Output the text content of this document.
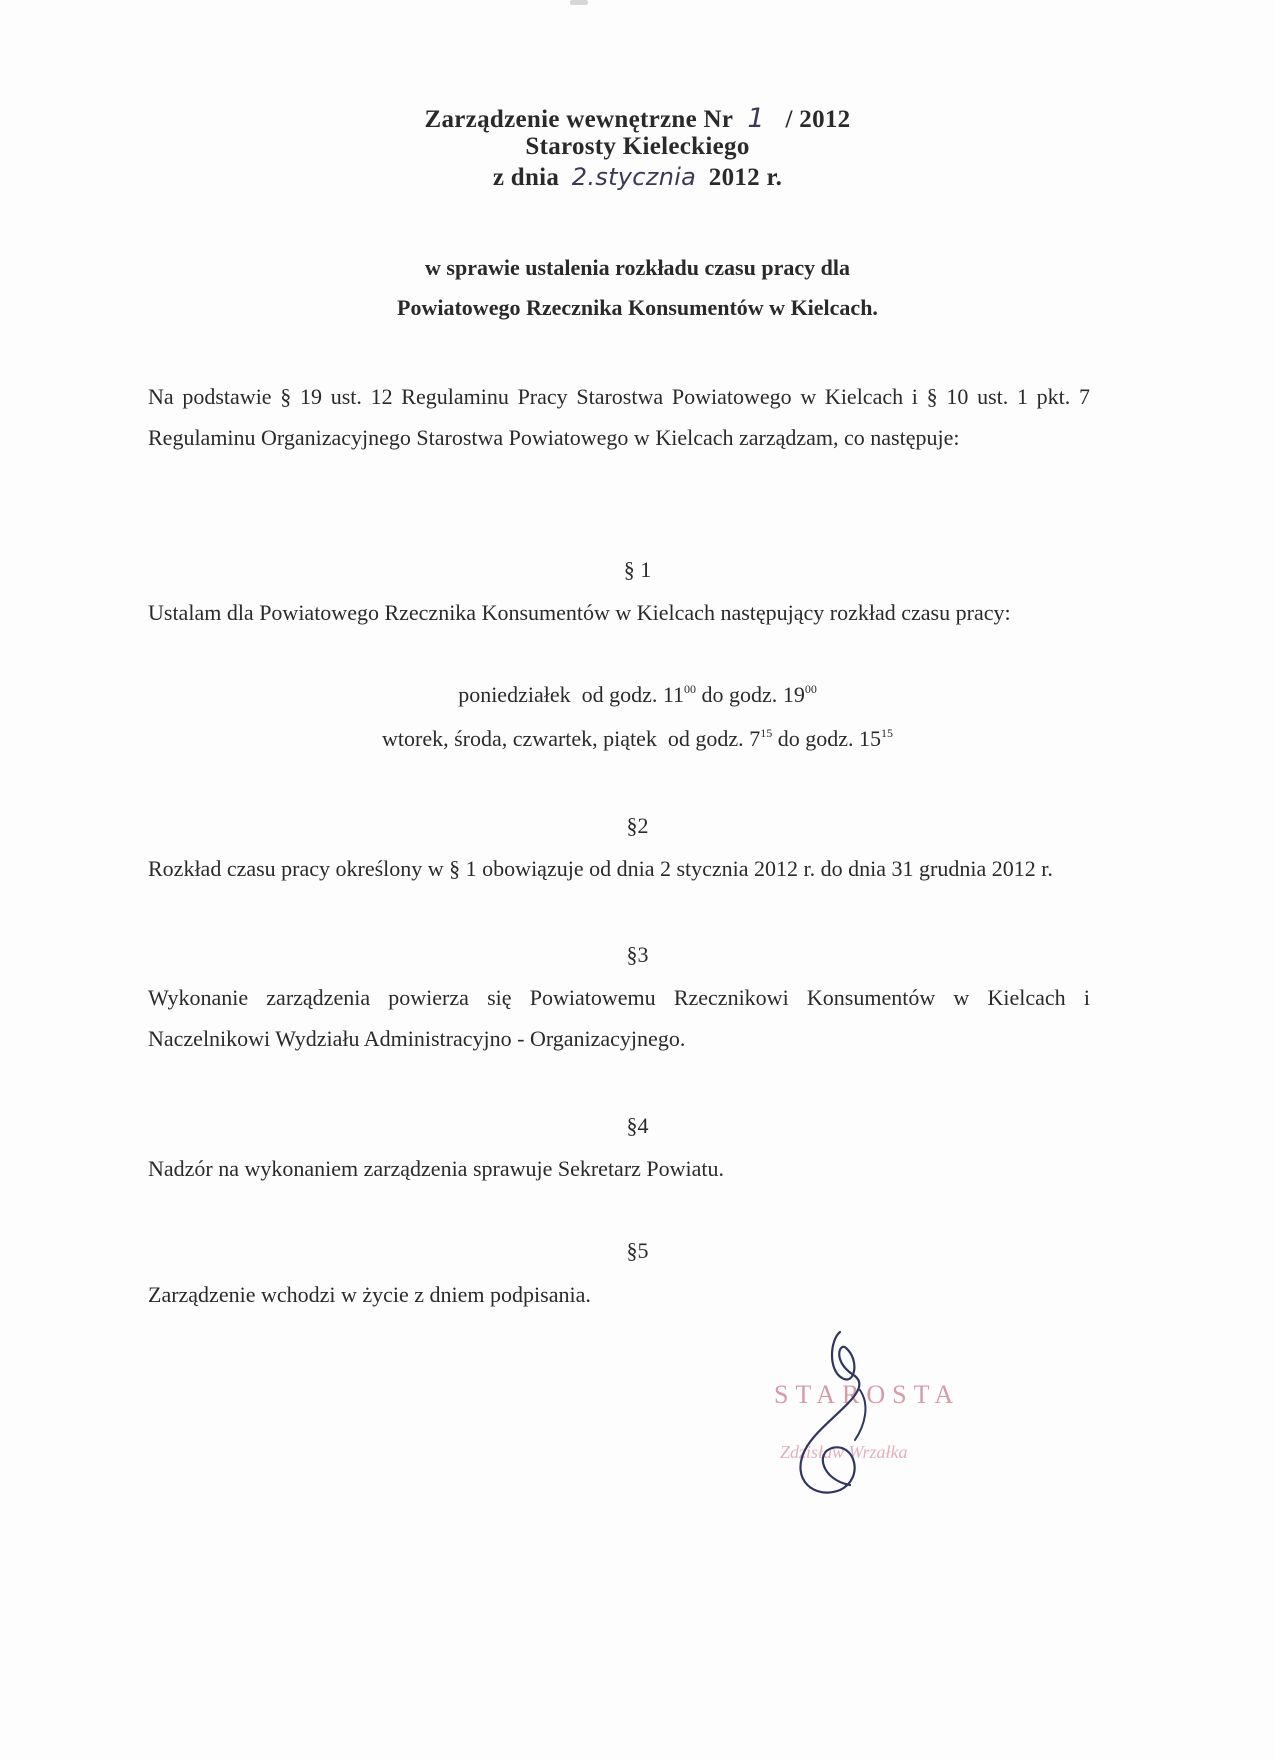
Zarządzenie wewnętrzne Nr 1 / 2012
Starosty Kieleckiego
z dnia 2.stycznia 2012 r.
w sprawie ustalenia rozkładu czasu pracy dla
Powiatowego Rzecznika Konsumentów w Kielcach.

Na podstawie § 19 ust. 12 Regulaminu Pracy Starostwa Powiatowego w Kielcach i § 10 ust. 1 pkt. 7 Regulaminu Organizacyjnego Starostwa Powiatowego w Kielcach zarządzam, co następuje:

§ 1

Ustalam dla Powiatowego Rzecznika Konsumentów w Kielcach następujący rozkład czasu pracy:

poniedziałek od godz. $11^{00}$ do godz. $19^{00}$
wtorek, środa, czwartek, piątek od godz. $7^{15}$ do godz. $15^{15}$
§2

Rozkład czasu pracy określony w § 1 obowiązuje od dnia 2 stycznia 2012 r. do dnia 31 grudnia 2012 r.

§3

Wykonanie zarządzenia powierza się Powiatowemu Rzecznikowi Konsumentów w Kielcach i Naczelnikowi Wydziału Administracyjno - Organizacyjnego.

§4

Nadzór na wykonaniem zarządzenia sprawuje Sekretarz Powiatu.

§5

Zarządzenie wchodzi w życie z dniem podpisania.

STAROSTA
Zdzisław Wrzałka
